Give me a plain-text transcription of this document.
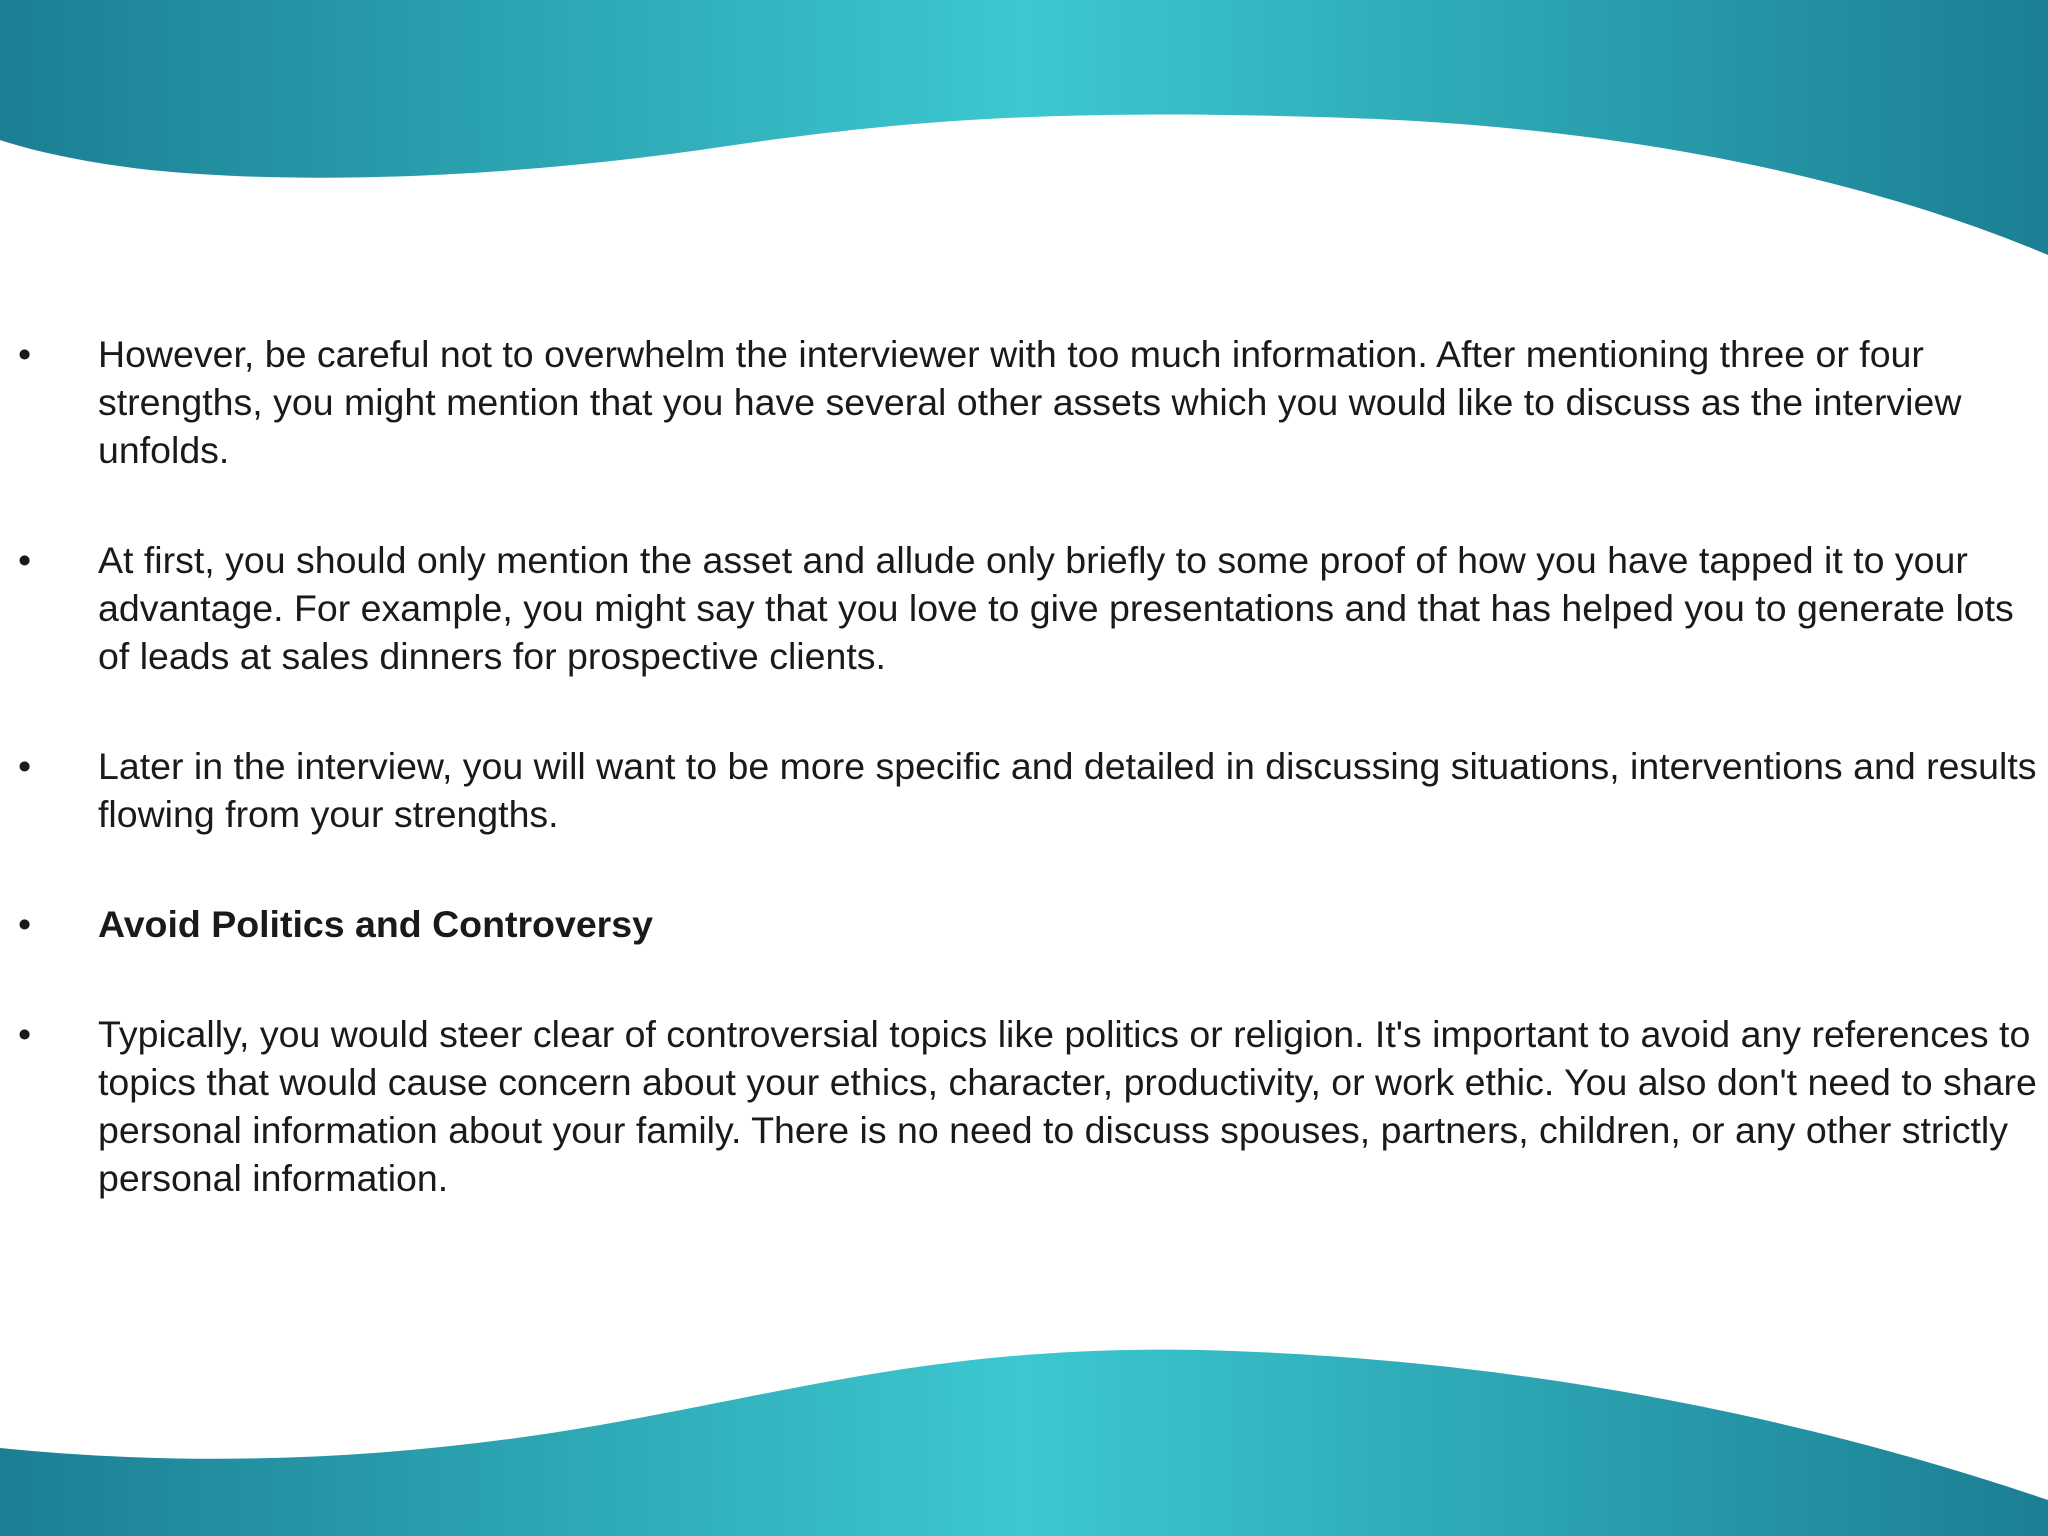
• However, be careful not to overwhelm the interviewer with too much information. After mentioning three or four strengths, you might mention that you have several other assets which you would like to discuss as the interview unfolds.
• At first, you should only mention the asset and allude only briefly to some proof of how you have tapped it to your advantage. For example, you might say that you love to give presentations and that has helped you to generate lots of leads at sales dinners for prospective clients.
• Later in the interview, you will want to be more specific and detailed in discussing situations, interventions and results flowing from your strengths.
• Avoid Politics and Controversy
• Typically, you would steer clear of controversial topics like politics or religion. It's important to avoid any references to topics that would cause concern about your ethics, character, productivity, or work ethic. You also don't need to share personal information about your family. There is no need to discuss spouses, partners, children, or any other strictly personal information.
